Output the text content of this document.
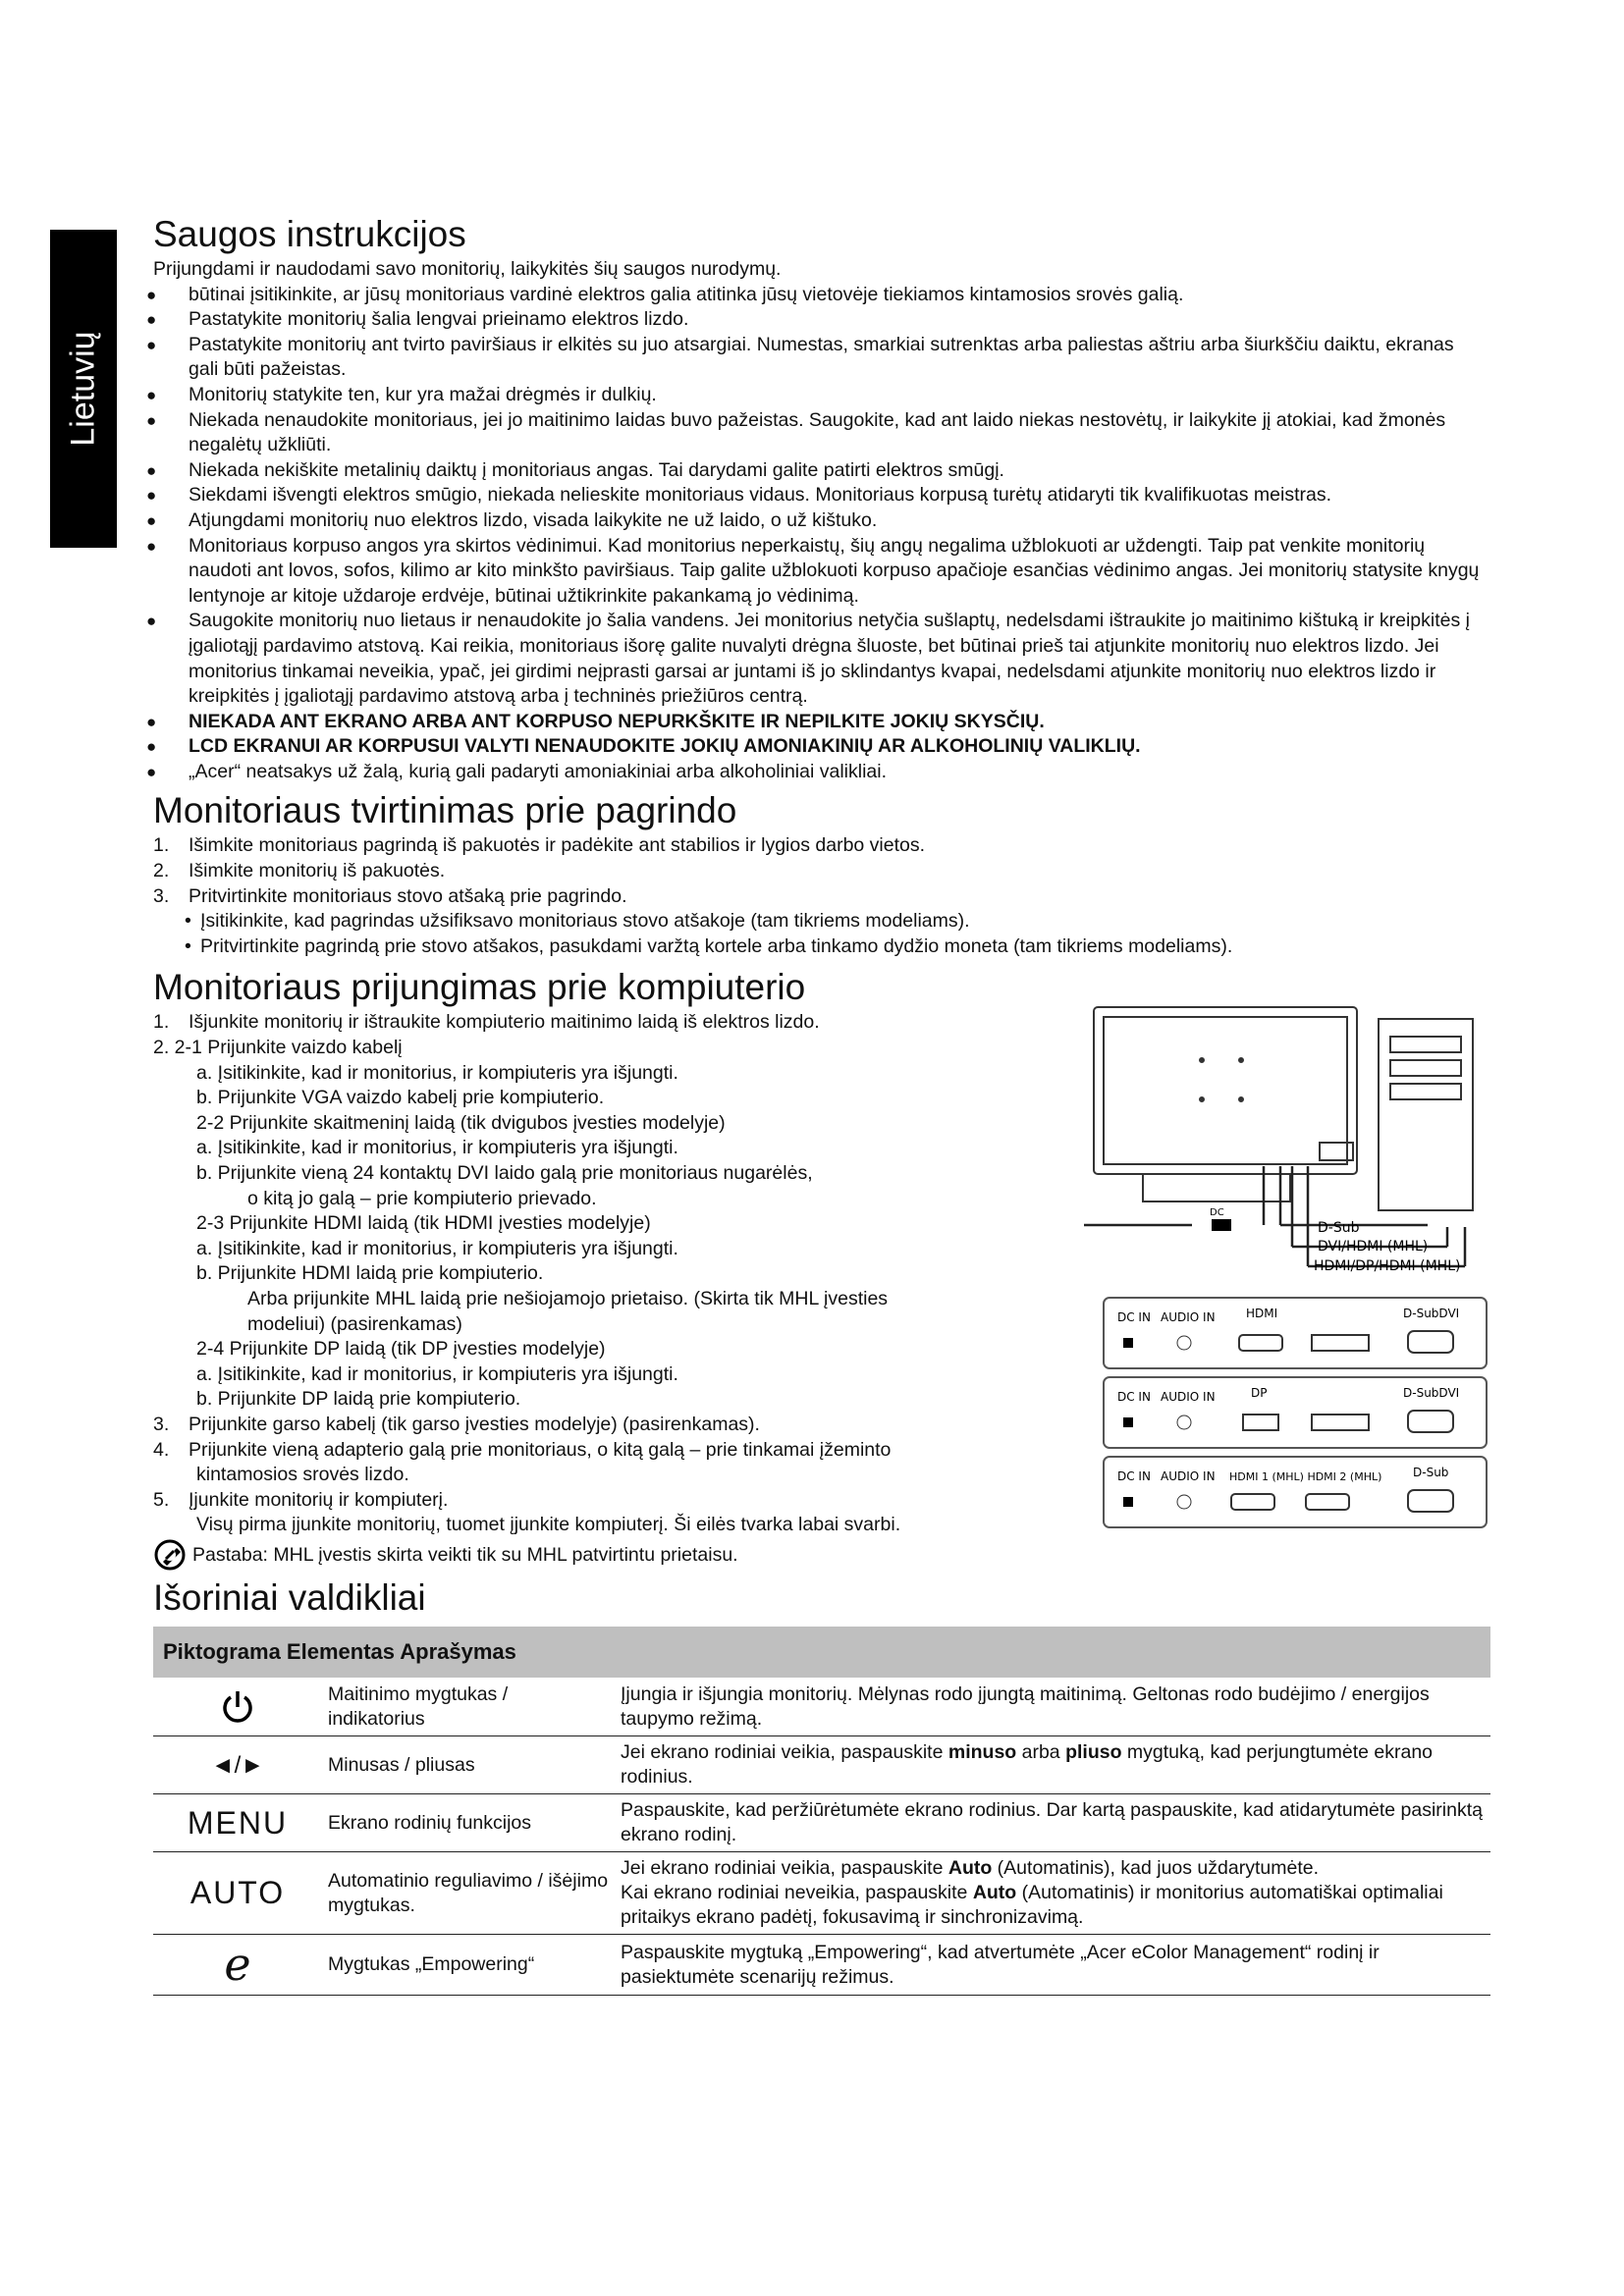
Lietuvių
Saugos instrukcijos
Prijungdami ir naudodami savo monitorių, laikykitės šių saugos nurodymų.
● būtinai įsitikinkite, ar jūsų monitoriaus vardinė elektros galia atitinka jūsų vietovėje tiekiamos kintamosios srovės galią.
● Pastatykite monitorių šalia lengvai prieinamo elektros lizdo.
● Pastatykite monitorių ant tvirto paviršiaus ir elkitės su juo atsargiai. Numestas, smarkiai sutrenktas arba paliestas aštriu arba šiurkščiu daiktu, ekranas gali būti pažeistas.
● Monitorių statykite ten, kur yra mažai drėgmės ir dulkių.
● Niekada nenaudokite monitoriaus, jei jo maitinimo laidas buvo pažeistas. Saugokite, kad ant laido niekas nestovėtų, ir laikykite jį atokiai, kad žmonės negalėtų užkliūti.
● Niekada nekiškite metalinių daiktų į monitoriaus angas. Tai darydami galite patirti elektros smūgį.
● Siekdami išvengti elektros smūgio, niekada nelieskite monitoriaus vidaus. Monitoriaus korpusą turėtų atidaryti tik kvalifikuotas meistras.
● Atjungdami monitorių nuo elektros lizdo, visada laikykite ne už laido, o už kištuko.
● Monitoriaus korpuso angos yra skirtos vėdinimui. Kad monitorius neperkaistų, šių angų negalima užblokuoti ar uždengti. Taip pat venkite monitorių naudoti ant lovos, sofos, kilimo ar kito minkšto paviršiaus. Taip galite užblokuoti korpuso apačioje esančias vėdinimo angas. Jei monitorių statysite knygų lentynoje ar kitoje uždaroje erdvėje, būtinai užtikrinkite pakankamą jo vėdinimą.
● Saugokite monitorių nuo lietaus ir nenaudokite jo šalia vandens. Jei monitorius netyčia sušlaptų, nedelsdami ištraukite jo maitinimo kištuką ir kreipkitės į įgaliotąjį pardavimo atstovą. Kai reikia, monitoriaus išorę galite nuvalyti drėgna šluoste, bet būtinai prieš tai atjunkite monitorių nuo elektros lizdo. Jei monitorius tinkamai neveikia, ypač, jei girdimi neįprasti garsai ar juntami iš jo sklindantys kvapai, nedelsdami atjunkite monitorių nuo elektros lizdo ir kreipkitės į įgaliotąjį pardavimo atstovą arba į techninės priežiūros centrą.
● NIEKADA ANT EKRANO ARBA ANT KORPUSO NEPURKŠKITE IR NEPILKITE JOKIŲ SKYSČIŲ.
● LCD EKRANUI AR KORPUSUI VALYTI NENAUDOKITE JOKIŲ AMONIAKINIŲ AR ALKOHOLINIŲ VALIKLIŲ.
● „Acer“ neatsakys už žalą, kurią gali padaryti amoniakiniai arba alkoholiniai valikliai.
Monitoriaus tvirtinimas prie pagrindo
1. Išimkite monitoriaus pagrindą iš pakuotės ir padėkite ant stabilios ir lygios darbo vietos.
2. Išimkite monitorių iš pakuotės.
3. Pritvirtinkite monitoriaus stovo atšaką prie pagrindo.
• Įsitikinkite, kad pagrindas užsifiksavo monitoriaus stovo atšakoje (tam tikriems modeliams).
• Pritvirtinkite pagrindą prie stovo atšakos, pasukdami varžtą kortele arba tinkamo dydžio moneta (tam tikriems modeliams).
Monitoriaus prijungimas prie kompiuterio
1. Išjunkite monitorių ir ištraukite kompiuterio maitinimo laidą iš elektros lizdo.
2. 2-1 Prijunkite vaizdo kabelį
a. Įsitikinkite, kad ir monitorius, ir kompiuteris yra išjungti.
b. Prijunkite VGA vaizdo kabelį prie kompiuterio.
2-2 Prijunkite skaitmeninį laidą (tik dvigubos įvesties modelyje)
a. Įsitikinkite, kad ir monitorius, ir kompiuteris yra išjungti.
b. Prijunkite vieną 24 kontaktų DVI laido galą prie monitoriaus nugarėlės,
o kitą jo galą – prie kompiuterio prievado.
2-3 Prijunkite HDMI laidą (tik HDMI įvesties modelyje)
a. Įsitikinkite, kad ir monitorius, ir kompiuteris yra išjungti.
b. Prijunkite HDMI laidą prie kompiuterio.
Arba prijunkite MHL laidą prie nešiojamojo prietaiso. (Skirta tik MHL įvesties
modeliui) (pasirenkamas)
2-4 Prijunkite DP laidą (tik DP įvesties modelyje)
a. Įsitikinkite, kad ir monitorius, ir kompiuteris yra išjungti.
b. Prijunkite DP laidą prie kompiuterio.
3. Prijunkite garso kabelį (tik garso įvesties modelyje) (pasirenkamas).
4. Prijunkite vieną adapterio galą prie monitoriaus, o kitą galą – prie tinkamai įžeminto
kintamosios srovės lizdo.
5. Įjunkite monitorių ir kompiuterį.
Visų pirma įjunkite monitorių, tuomet įjunkite kompiuterį. Ši eilės tvarka labai svarbi.
Pastaba: MHL įvestis skirta veikti tik su MHL patvirtintu prietaisu.
Išoriniai valdikliai
Piktograma Elementas Aprašymas		
	Maitinimo mygtukas / indikatorius	Įjungia ir išjungia monitorių. Mėlynas rodo įjungtą maitinimą. Geltonas rodo budėjimo / energijos taupymo režimą.
◄/►	Minusas / pliusas	Jei ekrano rodiniai veikia, paspauskite minuso arba pliuso mygtuką, kad perjungtumėte ekrano rodinius.
MENU	Ekrano rodinių funkcijos	Paspauskite, kad peržiūrėtumėte ekrano rodinius. Dar kartą paspauskite, kad atidarytumėte pasirinktą ekrano rodinį.
AUTO	Automatinio reguliavimo / išėjimo mygtukas.	Jei ekrano rodiniai veikia, paspauskite Auto (Automatinis), kad juos uždarytumėte.
Kai ekrano rodiniai neveikia, paspauskite Auto (Automatinis) ir monitorius automatiškai optimaliai pritaikys ekrano padėtį, fokusavimą ir sinchronizavimą.
e	Mygtukas „Empowering“	Paspauskite mygtuką „Empowering“, kad atvertumėte „Acer eColor Management“ rodinį ir pasiektumėte scenarijų režimus.
DC
D-Sub
DVI/HDMI (MHL)
HDMI/DP/HDMI (MHL)
DC IN AUDIO IN	HDMI	D-SubDVI
DC IN AUDIO IN	DP	D-SubDVI
DC IN AUDIO IN HDMI 1 (MHL) HDMI 2 (MHL)	D-Sub
